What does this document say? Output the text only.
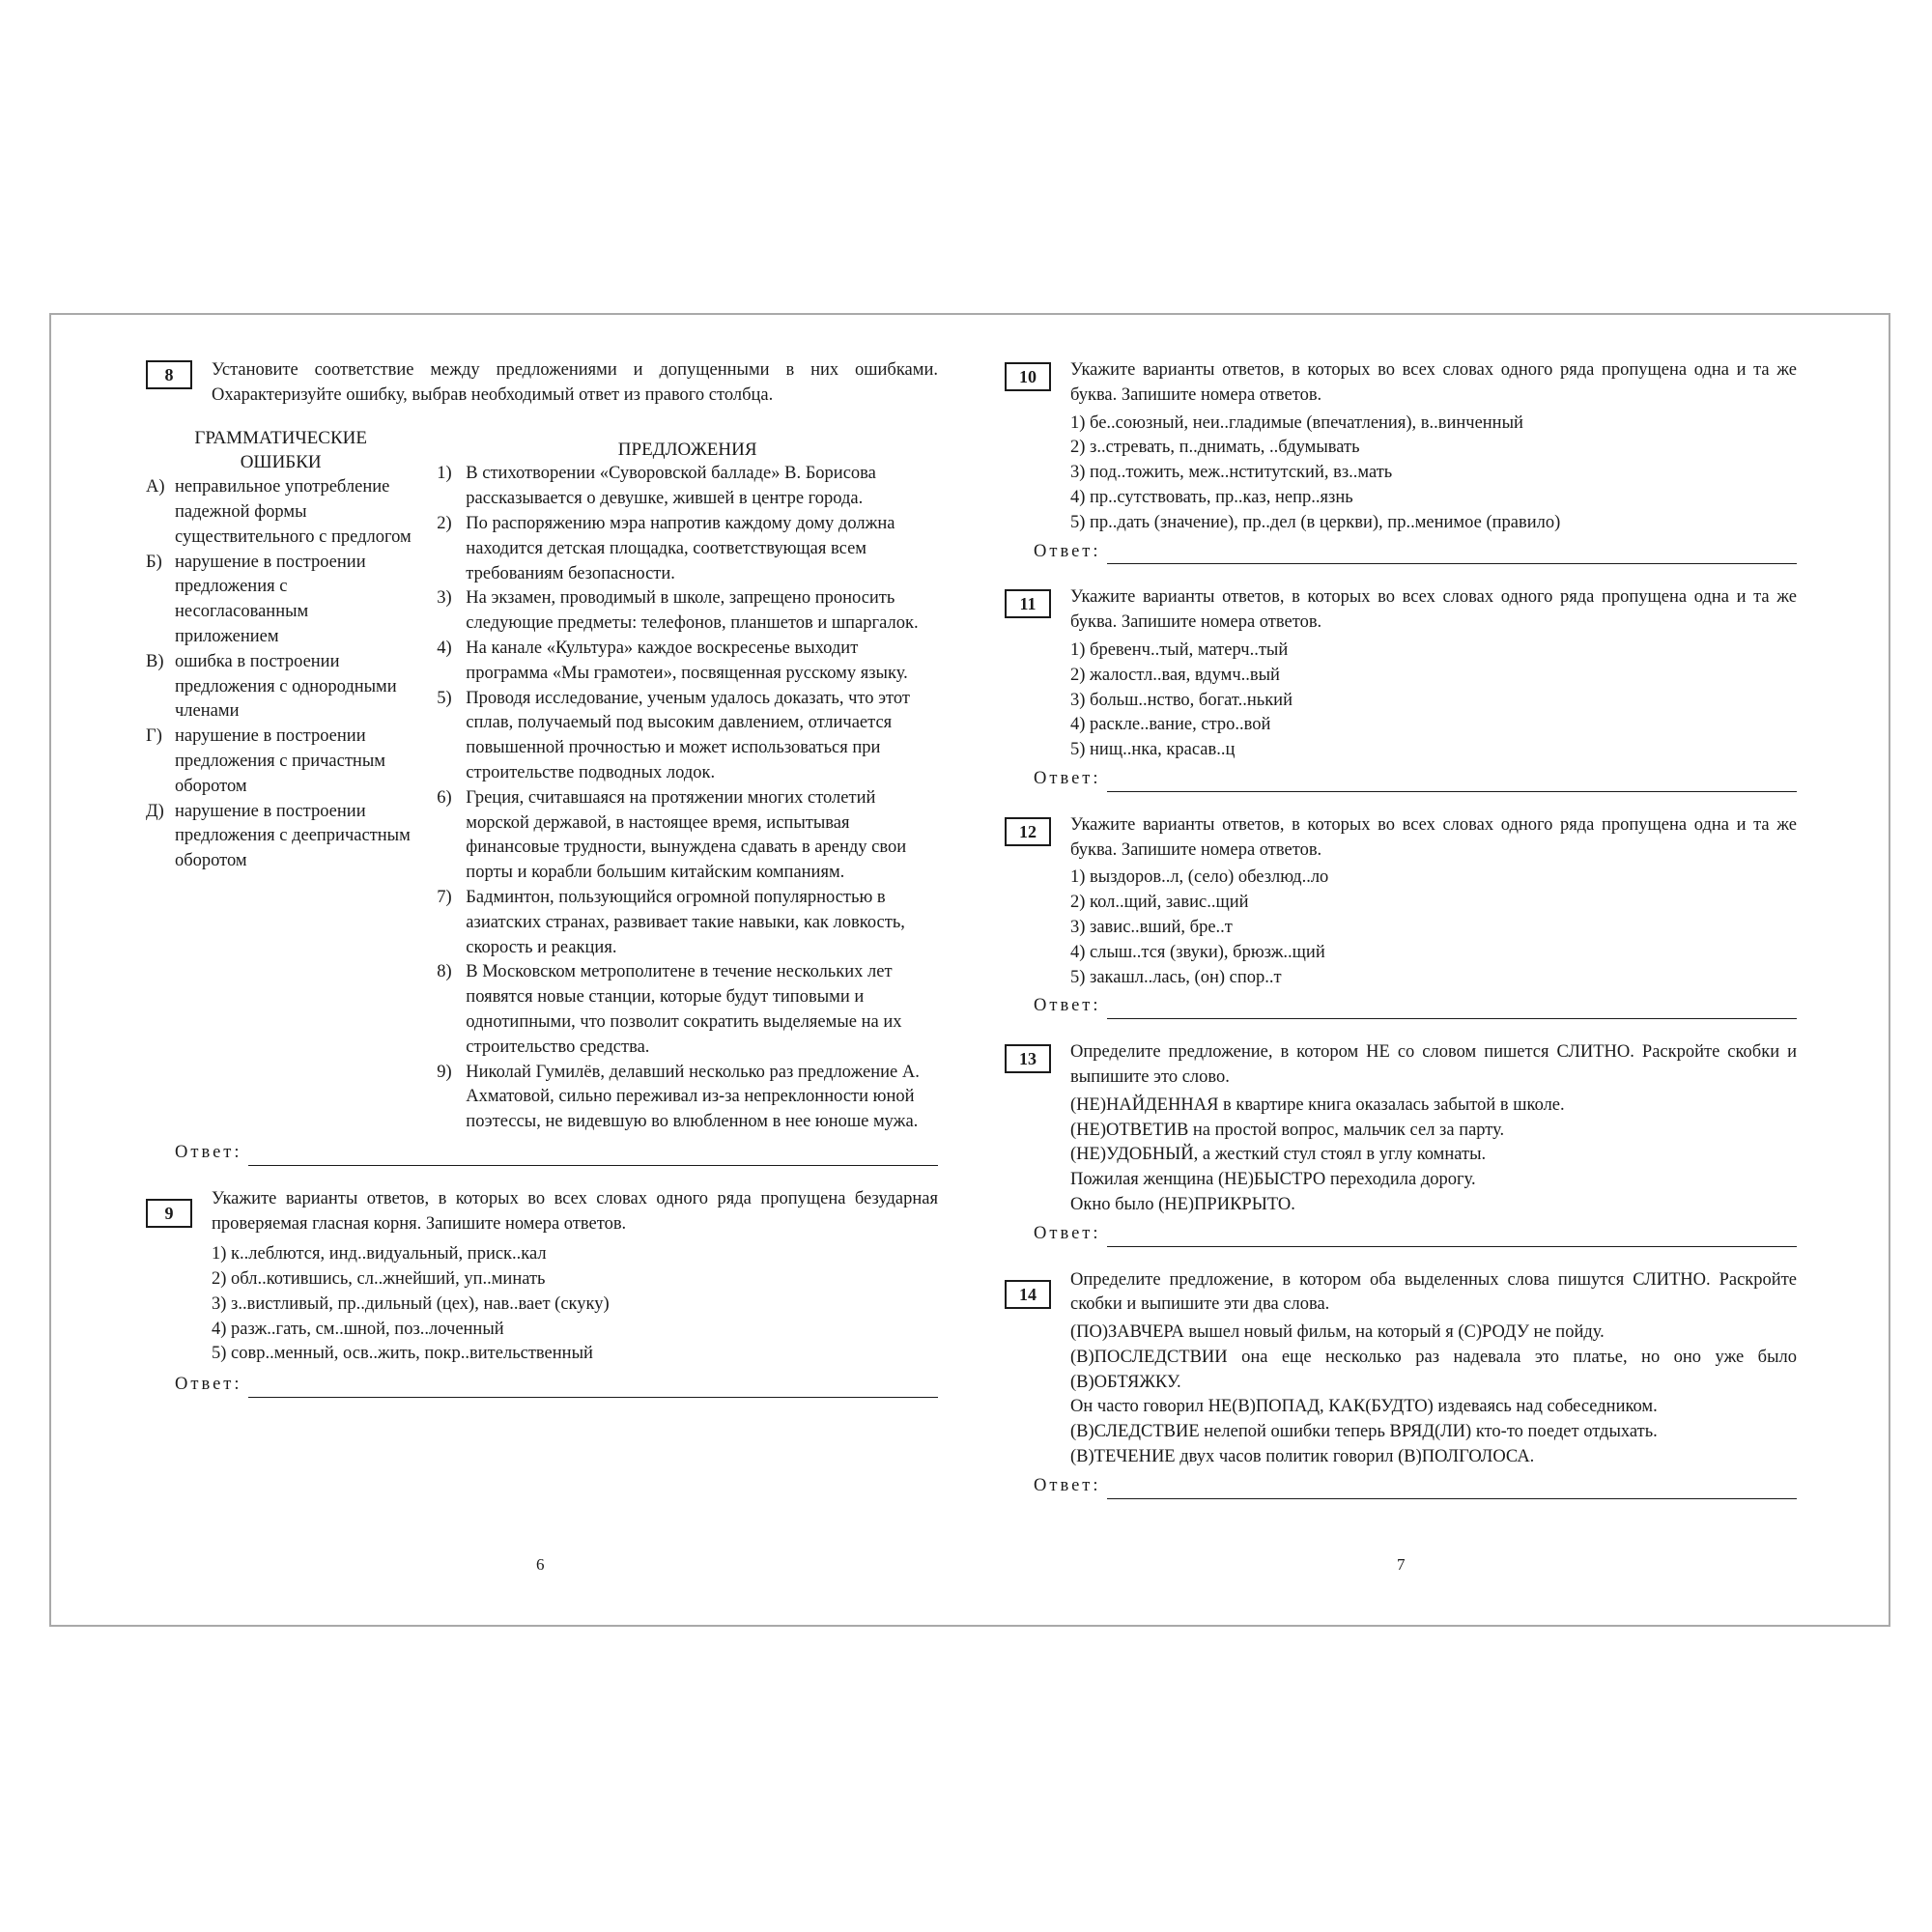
8	Установите соответствие между предложениями и допущенными в них ошибками. Охарактеризуйте ошибку, выбрав необходимый ответ из правого столбца.
ГРАММАТИЧЕСКИЕ
ОШИБКИ
А) неправильное употребление падежной формы существительного с предлогом
Б) нарушение в построении предложения с несогласованным приложением
В) ошибка в построении предложения с однородными членами
Г) нарушение в построении предложения с причастным оборотом
Д) нарушение в построении предложения с деепричастным оборотом
ПРЕДЛОЖЕНИЯ
1) В стихотворении «Суворовской балладе» В. Борисова рассказывается о девушке, жившей в центре города.
2) По распоряжению мэра напротив каждому дому должна находится детская площадка, соответствующая всем требованиям безопасности.
3) На экзамен, проводимый в школе, запрещено проносить следующие предметы: телефонов, планшетов и шпаргалок.
4) На канале «Культура» каждое воскресенье выходит программа «Мы грамотеи», посвященная русскому языку.
5) Проводя исследование, ученым удалось доказать, что этот сплав, получаемый под высоким давлением, отличается повышенной прочностью и может использоваться при строительстве подводных лодок.
6) Греция, считавшаяся на протяжении многих столетий морской державой, в настоящее время, испытывая финансовые трудности, вынуждена сдавать в аренду свои порты и корабли большим китайским компаниям.
7) Бадминтон, пользующийся огромной популярностью в азиатских странах, развивает такие навыки, как ловкость, скорость и реакция.
8) В Московском метрополитене в течение нескольких лет появятся новые станции, которые будут типовыми и однотипными, что позволит сократить выделяемые на их строительство средства.
9) Николай Гумилёв, делавший несколько раз предложение А. Ахматовой, сильно переживал из-за непреклонности юной поэтессы, не видевшую во влюбленном в нее юноше мужа.
Ответ:
9
Укажите варианты ответов, в которых во всех словах одного ряда пропущена безударная проверяемая гласная корня. Запишите номера ответов.
1) к..леблются, инд..видуальный, приск..кал
2) обл..котившись, сл..жнейший, уп..минать
3) з..вистливый, пр..дильный (цех), нав..вает (скуку)
4) разж..гать, см..шной, поз..лоченный
5) совр..менный, осв..жить, покр..вительственный
Ответ:
6
10	Укажите варианты ответов, в которых во всех словах одного ряда пропущена одна и та же буква. Запишите номера ответов.
1) бе..союзный, неи..гладимые (впечатления), в..винченный
2) з..стревать, п..днимать, ..бдумывать
3) под..тожить, меж..нститутский, вз..мать
4) пр..сутствовать, пр..каз, непр..язнь
5) пр..дать (значение), пр..дел (в церкви), пр..менимое (правило)
Ответ:
11	Укажите варианты ответов, в которых во всех словах одного ряда пропущена одна и та же буква. Запишите номера ответов.
1) бревенч..тый, матерч..тый
2) жалостл..вая, вдумч..вый
3) больш..нство, богат..нький
4) раскле..вание, стро..вой
5) нищ..нка, красав..ц
Ответ:
12	Укажите варианты ответов, в которых во всех словах одного ряда пропущена одна и та же буква. Запишите номера ответов.
1) выздоров..л, (село) обезлюд..ло
2) кол..щий, завис..щий
3) завис..вший, бре..т
4) слыш..тся (звуки), брюзж..щий
5) закашл..лась, (он) спор..т
Ответ:
13	Определите предложение, в котором НЕ со словом пишется СЛИТНО. Раскройте скобки и выпишите это слово.
(НЕ)НАЙДЕННАЯ в квартире книга оказалась забытой в школе.
(НЕ)ОТВЕТИВ на простой вопрос, мальчик сел за парту.
(НЕ)УДОБНЫЙ, а жесткий стул стоял в углу комнаты.
Пожилая женщина (НЕ)БЫСТРО переходила дорогу.
Окно было (НЕ)ПРИКРЫТО.
Ответ:
14
Определите предложение, в котором оба выделенных слова пишутся СЛИТНО. Раскройте скобки и выпишите эти два слова.
(ПО)ЗАВЧЕРА вышел новый фильм, на который я (С)РОДУ не пойду.
(В)ПОСЛЕДСТВИИ она еще несколько раз надевала это платье, но оно уже было (В)ОБТЯЖКУ.
Он часто говорил НЕ(В)ПОПАД, КАК(БУДТО) издеваясь над собеседником.
(В)СЛЕДСТВИЕ нелепой ошибки теперь ВРЯД(ЛИ) кто-то поедет отдыхать.
(В)ТЕЧЕНИЕ двух часов политик говорил (В)ПОЛГОЛОСА.
Ответ:
7
